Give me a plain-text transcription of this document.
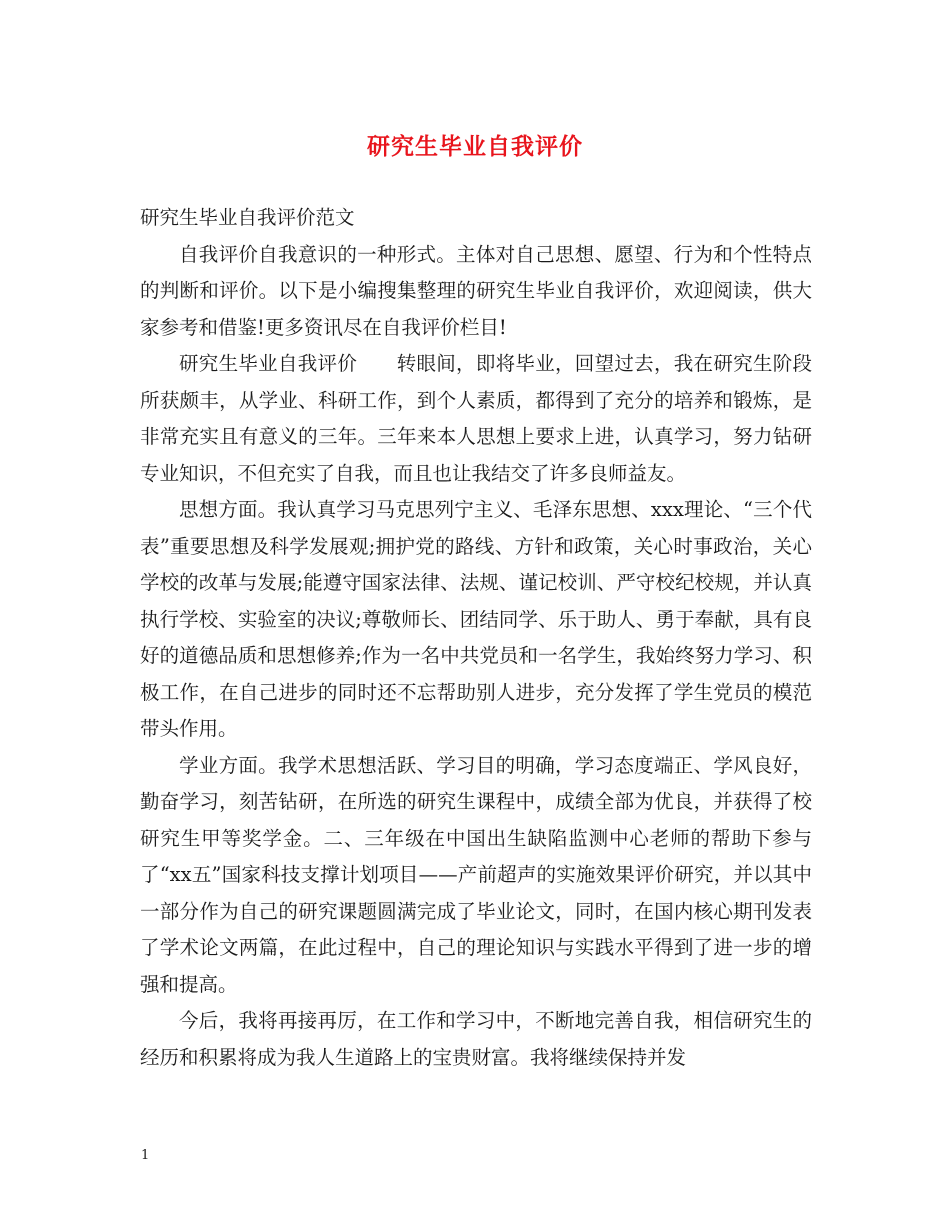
研究生毕业自我评价

研究生毕业自我评价范文

自我评价自我意识的一种形式。主体对自己思想、愿望、行为和个性特点的判断和评价。以下是小编搜集整理的研究生毕业自我评价，欢迎阅读，供大家参考和借鉴!更多资讯尽在自我评价栏目!

研究生毕业自我评价　　转眼间，即将毕业，回望过去，我在研究生阶段所获颇丰，从学业、科研工作，到个人素质，都得到了充分的培养和锻炼，是非常充实且有意义的三年。三年来本人思想上要求上进，认真学习，努力钻研专业知识，不但充实了自我，而且也让我结交了许多良师益友。

思想方面。我认真学习马克思列宁主义、毛泽东思想、xxx理论、“三个代表”重要思想及科学发展观;拥护党的路线、方针和政策，关心时事政治，关心学校的改革与发展;能遵守国家法律、法规、谨记校训、严守校纪校规，并认真执行学校、实验室的决议;尊敬师长、团结同学、乐于助人、勇于奉献，具有良好的道德品质和思想修养;作为一名中共党员和一名学生，我始终努力学习、积极工作，在自己进步的同时还不忘帮助别人进步，充分发挥了学生党员的模范带头作用。

学业方面。我学术思想活跃、学习目的明确，学习态度端正、学风良好，勤奋学习，刻苦钻研，在所选的研究生课程中，成绩全部为优良，并获得了校研究生甲等奖学金。二、三年级在中国出生缺陷监测中心老师的帮助下参与了“xx五”国家科技支撑计划项目——产前超声的实施效果评价研究，并以其中一部分作为自己的研究课题圆满完成了毕业论文，同时，在国内核心期刊发表了学术论文两篇，在此过程中，自己的理论知识与实践水平得到了进一步的增强和提高。

今后，我将再接再厉，在工作和学习中，不断地完善自我，相信研究生的经历和积累将成为我人生道路上的宝贵财富。我将继续保持并发

1
